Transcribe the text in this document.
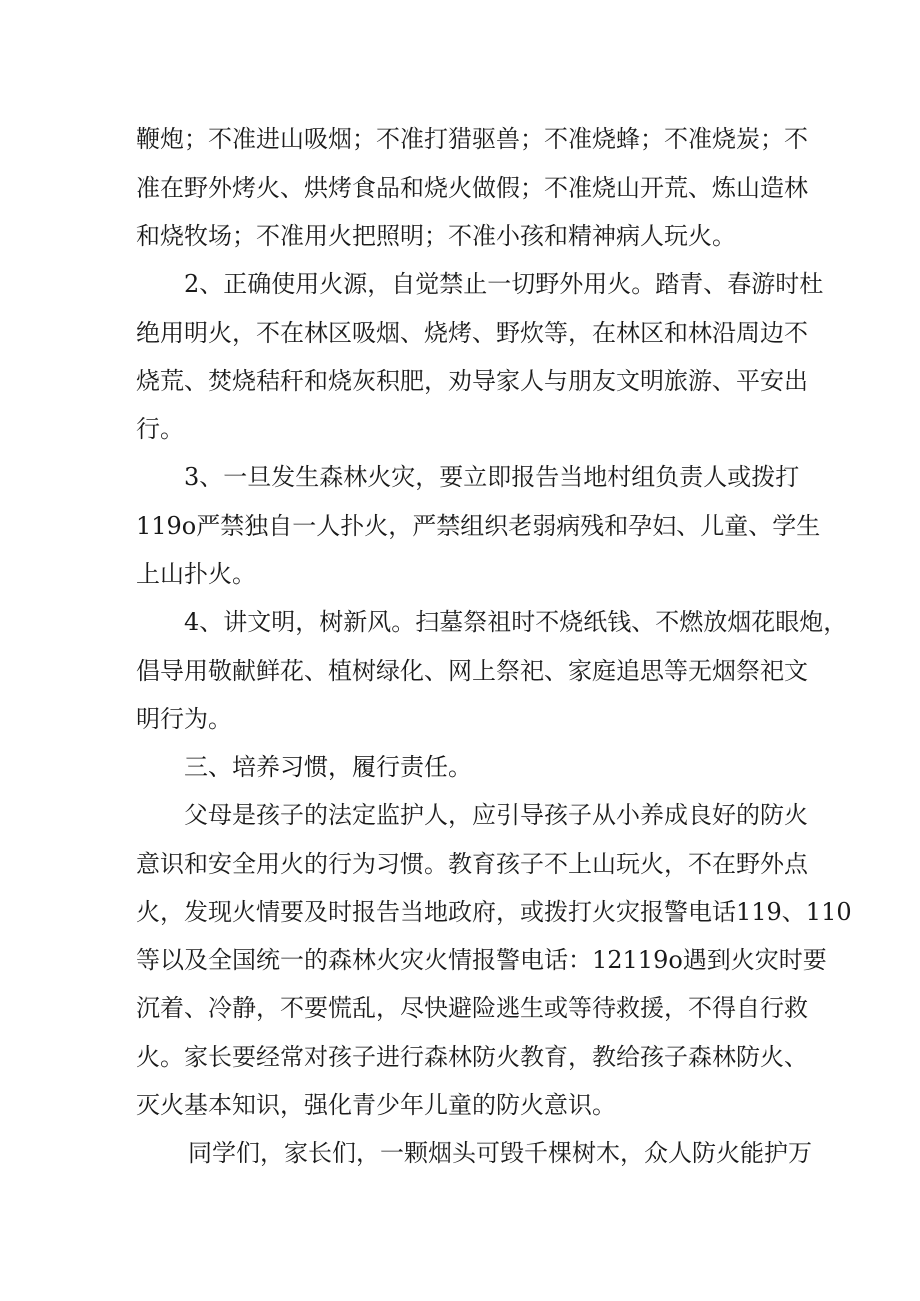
鞭炮；不准进山吸烟；不准打猎驱兽；不准烧蜂；不准烧炭；不
准在野外烤火、烘烤食品和烧火做假；不准烧山开荒、炼山造林
和烧牧场；不准用火把照明；不准小孩和精神病人玩火。
2、正确使用火源，自觉禁止一切野外用火。踏青、春游时杜
绝用明火，不在林区吸烟、烧烤、野炊等，在林区和林沿周边不
烧荒、焚烧秸秆和烧灰积肥，劝导家人与朋友文明旅游、平安出
行。
3、一旦发生森林火灾，要立即报告当地村组负责人或拨打
119o严禁独自一人扑火，严禁组织老弱病残和孕妇、儿童、学生
上山扑火。
4、讲文明，树新风。扫墓祭祖时不烧纸钱、不燃放烟花眼炮，
倡导用敬献鲜花、植树绿化、网上祭祀、家庭追思等无烟祭祀文
明行为。
三、培养习惯，履行责任。
父母是孩子的法定监护人，应引导孩子从小养成良好的防火
意识和安全用火的行为习惯。教育孩子不上山玩火，不在野外点
火，发现火情要及时报告当地政府，或拨打火灾报警电话119、110
等以及全国统一的森林火灾火情报警电话：12119o遇到火灾时要
沉着、冷静，不要慌乱，尽快避险逃生或等待救援，不得自行救
火。家长要经常对孩子进行森林防火教育，教给孩子森林防火、
灭火基本知识，强化青少年儿童的防火意识。
同学们，家长们，一颗烟头可毁千棵树木，众人防火能护万
